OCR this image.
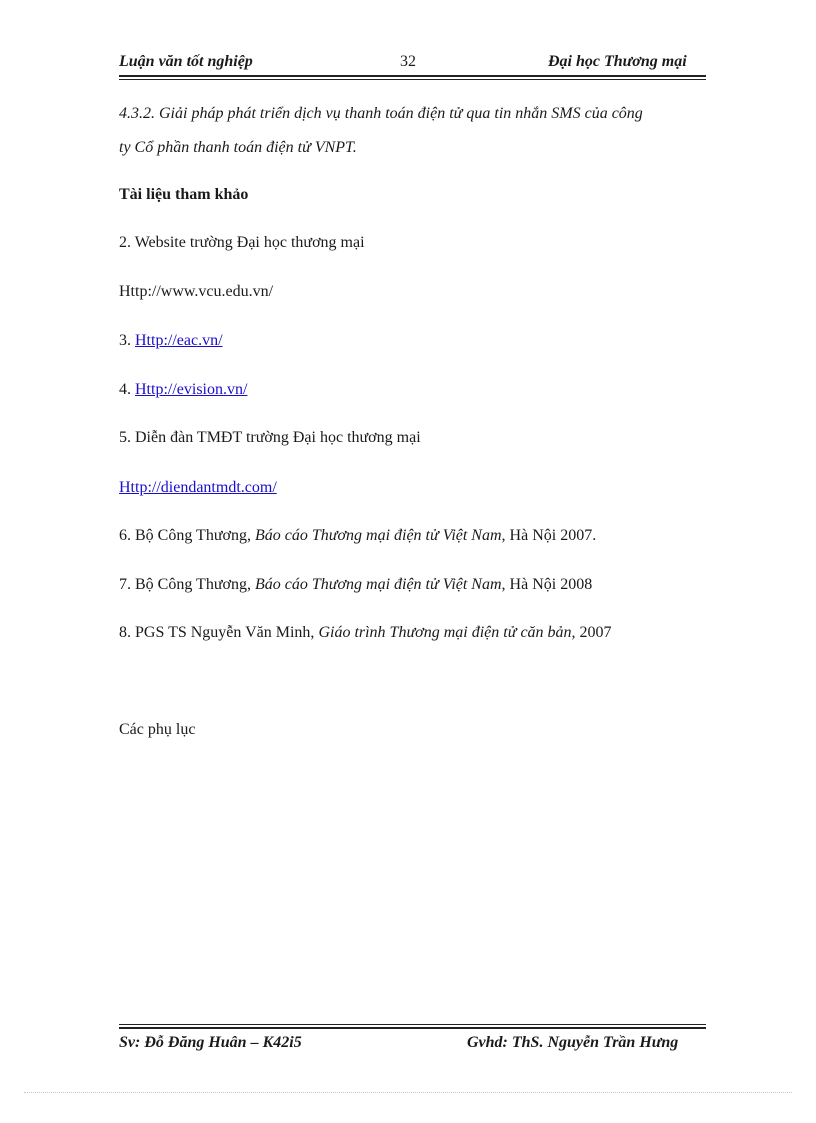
Luận văn tốt nghiệp	32	Đại học Thương mại
4.3.2. Giải pháp phát triển dịch vụ thanh toán điện tử qua tin nhắn SMS của công
ty Cổ phần thanh toán điện tử VNPT.
Tài liệu tham khảo
2. Website trường Đại học thương mại
Http://www.vcu.edu.vn/
3. Http://eac.vn/
4. Http://evision.vn/
5. Diễn đàn TMĐT trường Đại học thương mại
Http://diendantmdt.com/
6. Bộ Công Thương, Báo cáo Thương mại điện tử Việt Nam, Hà Nội 2007.
7. Bộ Công Thương, Báo cáo Thương mại điện tử Việt Nam, Hà Nội 2008
8. PGS TS Nguyễn Văn Minh, Giáo trình Thương mại điện tử căn bản, 2007
Các phụ lục
Sv: Đỗ Đăng Huân – K42i5	Gvhd: ThS. Nguyễn Trần Hưng
